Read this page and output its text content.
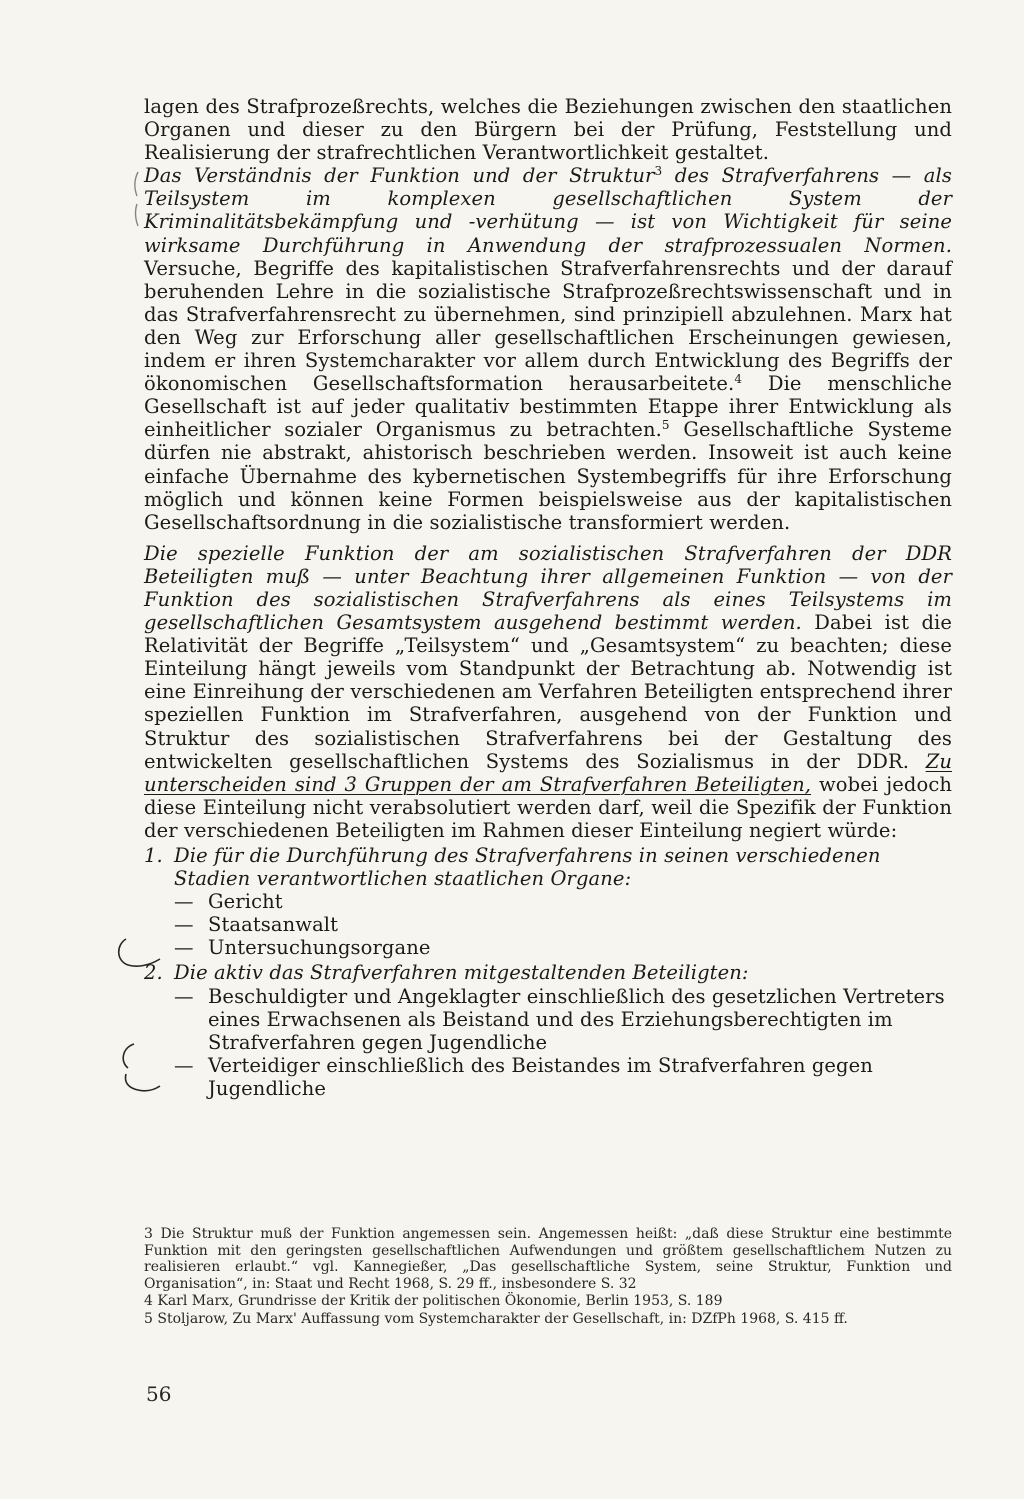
lagen des Strafprozeßrechts, welches die Beziehungen zwischen den staatlichen Organen und dieser zu den Bürgern bei der Prüfung, Feststellung und Realisierung der strafrechtlichen Verantwortlichkeit gestaltet.

Das Verständnis der Funktion und der Struktur$^3$ des Strafverfahrens — als Teilsystem im komplexen gesellschaftlichen System der Kriminalitätsbekämpfung und -verhütung — ist von Wichtigkeit für seine wirksame Durchführung in Anwendung der strafprozessualen Normen. Versuche, Begriffe des kapitalistischen Strafverfahrensrechts und der darauf beruhenden Lehre in die sozialistische Strafprozeßrechtswissenschaft und in das Strafverfahrensrecht zu übernehmen, sind prinzipiell abzulehnen. Marx hat den Weg zur Erforschung aller gesellschaftlichen Erscheinungen gewiesen, indem er ihren Systemcharakter vor allem durch Entwicklung des Begriffs der ökonomischen Gesellschaftsformation herausarbeitete.$^4$ Die menschliche Gesellschaft ist auf jeder qualitativ bestimmten Etappe ihrer Entwicklung als einheitlicher sozialer Organismus zu betrachten.$^5$ Gesellschaftliche Systeme dürfen nie abstrakt, ahistorisch beschrieben werden. Insoweit ist auch keine einfache Übernahme des kybernetischen Systembegriffs für ihre Erforschung möglich und können keine Formen beispielsweise aus der kapitalistischen Gesellschaftsordnung in die sozialistische transformiert werden.

Die spezielle Funktion der am sozialistischen Strafverfahren der DDR Beteiligten muß — unter Beachtung ihrer allgemeinen Funktion — von der Funktion des sozialistischen Strafverfahrens als eines Teilsystems im gesellschaftlichen Gesamtsystem ausgehend bestimmt werden. Dabei ist die Relativität der Begriffe „Teilsystem“ und „Gesamtsystem“ zu beachten; diese Einteilung hängt jeweils vom Standpunkt der Betrachtung ab. Notwendig ist eine Einreihung der verschiedenen am Verfahren Beteiligten entsprechend ihrer speziellen Funktion im Strafverfahren, ausgehend von der Funktion und Struktur des sozialistischen Strafverfahrens bei der Gestaltung des entwickelten gesellschaftlichen Systems des Sozialismus in der DDR. Zu unterscheiden sind 3 Gruppen der am Strafverfahren Beteiligten, wobei jedoch diese Einteilung nicht verabsolutiert werden darf, weil die Spezifik der Funktion der verschiedenen Beteiligten im Rahmen dieser Einteilung negiert würde:

1. Die für die Durchführung des Strafverfahrens in seinen verschiedenen Stadien verantwortlichen staatlichen Organe:
— Gericht
— Staatsanwalt
— Untersuchungsorgane
2. Die aktiv das Strafverfahren mitgestaltenden Beteiligten:
— Beschuldigter und Angeklagter einschließlich des gesetzlichen Vertreters eines Erwachsenen als Beistand und des Erziehungsberechtigten im Strafverfahren gegen Jugendliche
— Verteidiger einschließlich des Beistandes im Strafverfahren gegen Jugendliche

3 Die Struktur muß der Funktion angemessen sein. Angemessen heißt: „daß diese Struktur eine bestimmte Funktion mit den geringsten gesellschaftlichen Aufwendungen und größtem gesellschaftlichem Nutzen zu realisieren erlaubt.“ vgl. Kannegießer, „Das gesellschaftliche System, seine Struktur, Funktion und Organisation“, in: Staat und Recht 1968, S. 29 ff., insbesondere S. 32

4 Karl Marx, Grundrisse der Kritik der politischen Ökonomie, Berlin 1953, S. 189

5 Stoljarow, Zu Marx' Auffassung vom Systemcharakter der Gesellschaft, in: DZfPh 1968, S. 415 ff.

56
